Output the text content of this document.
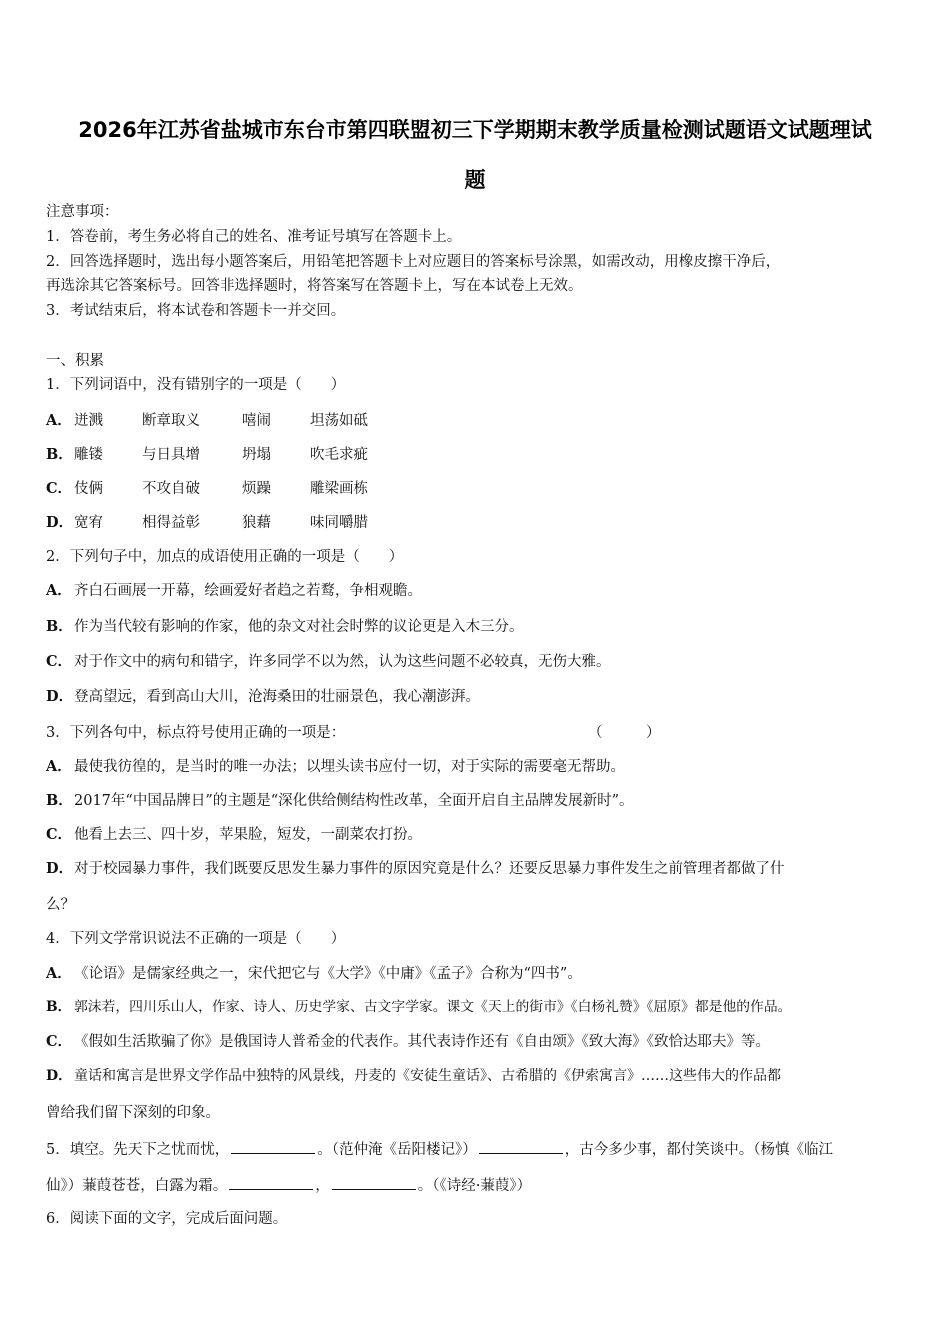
2026年江苏省盐城市东台市第四联盟初三下学期期末教学质量检测试题语文试题理试
题
注意事项：
1．答卷前，考生务必将自己的姓名、准考证号填写在答题卡上。
2．回答选择题时，选出每小题答案后，用铅笔把答题卡上对应题目的答案标号涂黑，如需改动，用橡皮擦干净后，
再选涂其它答案标号。回答非选择题时，将答案写在答题卡上，写在本试卷上无效。
3．考试结束后，将本试卷和答题卡一并交回。
一、积累
1．下列词语中，没有错别字的一项是（　　）
A． 迸溅	断章取义	嘻闹	坦荡如砥
B．雕镂	与日具增	坍塌	吹毛求疵
C． 伎俩	不攻自破	烦躁	雕梁画栋
D．宽宥	相得益彰	狼藉	味同嚼腊
2．下列句子中，加点的成语使用正确的一项是（　　）
A． 齐白石画展一开幕，绘画爱好者趋之若鹜，争相观瞻。
B．作为当代较有影响的作家，他的杂文对社会时弊的议论更是入木三分。
C． 对于作文中的病句和错字，许多同学不以为然，认为这些问题不必较真，无伤大雅。
D．登高望远，看到高山大川，沧海桑田的壮丽景色，我心潮澎湃。
3．下列各句中，标点符号使用正确的一项是：	（　　　）
A． 最使我彷徨的，是当时的唯一办法；以埋头读书应付一切，对于实际的需要毫无帮助。
B．2017年“中国品牌日”的主题是“深化供给侧结构性改革，全面开启自主品牌发展新时”。
C． 他看上去三、四十岁，苹果脸，短发，一副菜农打扮。
D．对于校园暴力事件，我们既要反思发生暴力事件的原因究竟是什么？还要反思暴力事件发生之前管理者都做了什
么？
4．下列文学常识说法不正确的一项是（　　）
A． 《论语》是儒家经典之一，宋代把它与《大学》《中庸》《孟子》合称为“四书”。
B． 郭沫若，四川乐山人，作家、诗人、历史学家、古文字学家。课文《天上的街市》《白杨礼赞》《屈原》都是他的作品。
C． 《假如生活欺骗了你》是俄国诗人普希金的代表作。其代表诗作还有《自由颂》《致大海》《致恰达耶夫》等。
D． 童话和寓言是世界文学作品中独特的风景线，丹麦的《安徒生童话》、古希腊的《伊索寓言》……这些伟大的作品都
曾给我们留下深刻的印象。
5．填空。先天下之忧而忧，	。（范仲淹《岳阳楼记》）	，古今多少事，都付笑谈中。（杨慎《临江
仙》）蒹葭苍苍，白露为霜。	，	。（《诗经·蒹葭》）
6．阅读下面的文字，完成后面问题。
